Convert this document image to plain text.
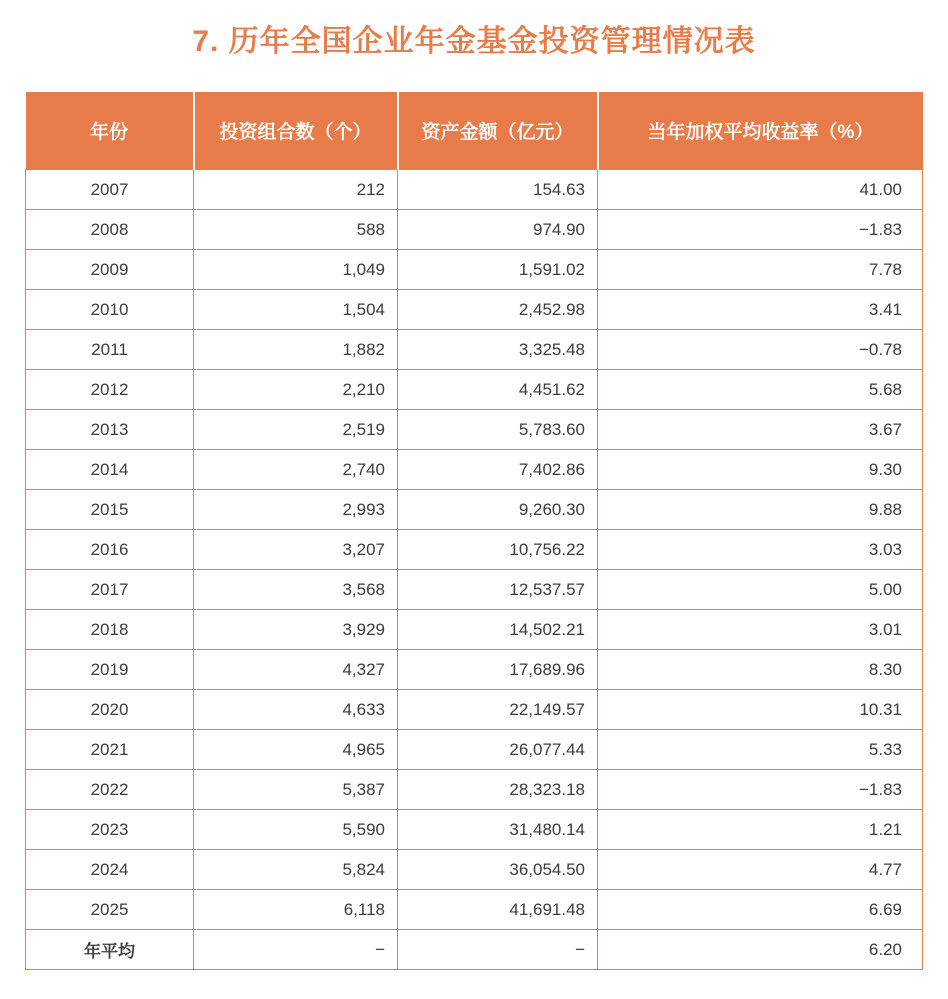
7. 历年全国企业年金基金投资管理情况表
年份	投资组合数（个）	资产金额（亿元）	当年加权平均收益率（%）
2007	212	154.63	41.00
2008	588	974.90	−1.83
2009	1,049	1,591.02	7.78
2010	1,504	2,452.98	3.41
2011	1,882	3,325.48	−0.78
2012	2,210	4,451.62	5.68
2013	2,519	5,783.60	3.67
2014	2,740	7,402.86	9.30
2015	2,993	9,260.30	9.88
2016	3,207	10,756.22	3.03
2017	3,568	12,537.57	5.00
2018	3,929	14,502.21	3.01
2019	4,327	17,689.96	8.30
2020	4,633	22,149.57	10.31
2021	4,965	26,077.44	5.33
2022	5,387	28,323.18	−1.83
2023	5,590	31,480.14	1.21
2024	5,824	36,054.50	4.77
2025	6,118	41,691.48	6.69
年平均	−	−	6.20
